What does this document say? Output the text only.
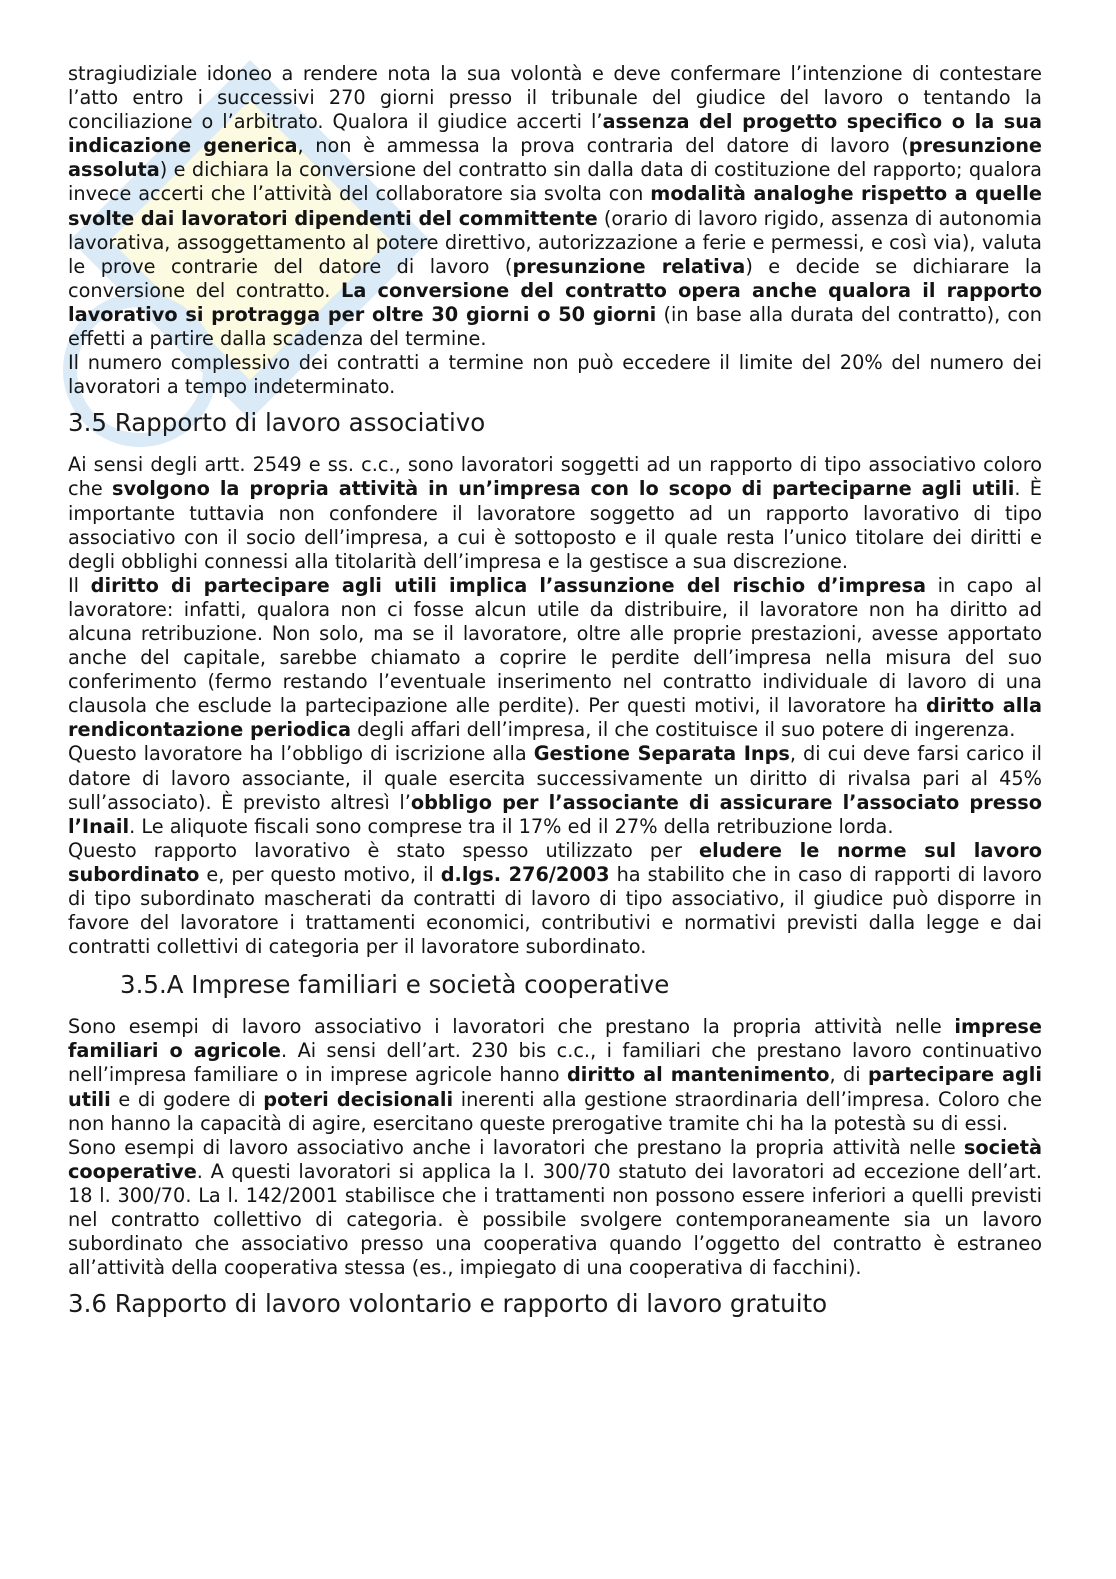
stragiudiziale idoneo a rendere nota la sua volontà e deve confermare l’intenzione di contestare l’atto entro i successivi 270 giorni presso il tribunale del giudice del lavoro o tentando la conciliazione o l’arbitrato. Qualora il giudice accerti l’assenza del progetto specifico o la sua indicazione generica, non è ammessa la prova contraria del datore di lavoro (presunzione assoluta) e dichiara la conversione del contratto sin dalla data di costituzione del rapporto; qualora invece accerti che l’attività del collaboratore sia svolta con modalità analoghe rispetto a quelle svolte dai lavoratori dipendenti del committente (orario di lavoro rigido, assenza di autonomia lavorativa, assoggettamento al potere direttivo, autorizzazione a ferie e permessi, e così via), valuta le prove contrarie del datore di lavoro (presunzione relativa) e decide se dichiarare la conversione del contratto. La conversione del contratto opera anche qualora il rapporto lavorativo si protragga per oltre 30 giorni o 50 giorni (in base alla durata del contratto), con effetti a partire dalla scadenza del termine.

Il numero complessivo dei contratti a termine non può eccedere il limite del 20% del numero dei lavoratori a tempo indeterminato.

3.5 Rapporto di lavoro associativo

Ai sensi degli artt. 2549 e ss. c.c., sono lavoratori soggetti ad un rapporto di tipo associativo coloro che svolgono la propria attività in un’impresa con lo scopo di parteciparne agli utili. È importante tuttavia non confondere il lavoratore soggetto ad un rapporto lavorativo di tipo associativo con il socio dell’impresa, a cui è sottoposto e il quale resta l’unico titolare dei diritti e degli obblighi connessi alla titolarità dell’impresa e la gestisce a sua discrezione.

Il diritto di partecipare agli utili implica l’assunzione del rischio d’impresa in capo al lavoratore: infatti, qualora non ci fosse alcun utile da distribuire, il lavoratore non ha diritto ad alcuna retribuzione. Non solo, ma se il lavoratore, oltre alle proprie prestazioni, avesse apportato anche del capitale, sarebbe chiamato a coprire le perdite dell’impresa nella misura del suo conferimento (fermo restando l’eventuale inserimento nel contratto individuale di lavoro di una clausola che esclude la partecipazione alle perdite). Per questi motivi, il lavoratore ha diritto alla rendicontazione periodica degli affari dell’impresa, il che costituisce il suo potere di ingerenza.

Questo lavoratore ha l’obbligo di iscrizione alla Gestione Separata Inps, di cui deve farsi carico il datore di lavoro associante, il quale esercita successivamente un diritto di rivalsa pari al 45% sull’associato). È previsto altresì l’obbligo per l’associante di assicurare l’associato presso l’Inail. Le aliquote fiscali sono comprese tra il 17% ed il 27% della retribuzione lorda.

Questo rapporto lavorativo è stato spesso utilizzato per eludere le norme sul lavoro subordinato e, per questo motivo, il d.lgs. 276/2003 ha stabilito che in caso di rapporti di lavoro di tipo subordinato mascherati da contratti di lavoro di tipo associativo, il giudice può disporre in favore del lavoratore i trattamenti economici, contributivi e normativi previsti dalla legge e dai contratti collettivi di categoria per il lavoratore subordinato.

3.5.A Imprese familiari e società cooperative

Sono esempi di lavoro associativo i lavoratori che prestano la propria attività nelle imprese familiari o agricole. Ai sensi dell’art. 230 bis c.c., i familiari che prestano lavoro continuativo nell’impresa familiare o in imprese agricole hanno diritto al mantenimento, di partecipare agli utili e di godere di poteri decisionali inerenti alla gestione straordinaria dell’impresa. Coloro che non hanno la capacità di agire, esercitano queste prerogative tramite chi ha la potestà su di essi.

Sono esempi di lavoro associativo anche i lavoratori che prestano la propria attività nelle società cooperative. A questi lavoratori si applica la l. 300/70 statuto dei lavoratori ad eccezione dell’art. 18 l. 300/70. La l. 142/2001 stabilisce che i trattamenti non possono essere inferiori a quelli previsti nel contratto collettivo di categoria. è possibile svolgere contemporaneamente sia un lavoro subordinato che associativo presso una cooperativa quando l’oggetto del contratto è estraneo all’attività della cooperativa stessa (es., impiegato di una cooperativa di facchini).

3.6 Rapporto di lavoro volontario e rapporto di lavoro gratuito
